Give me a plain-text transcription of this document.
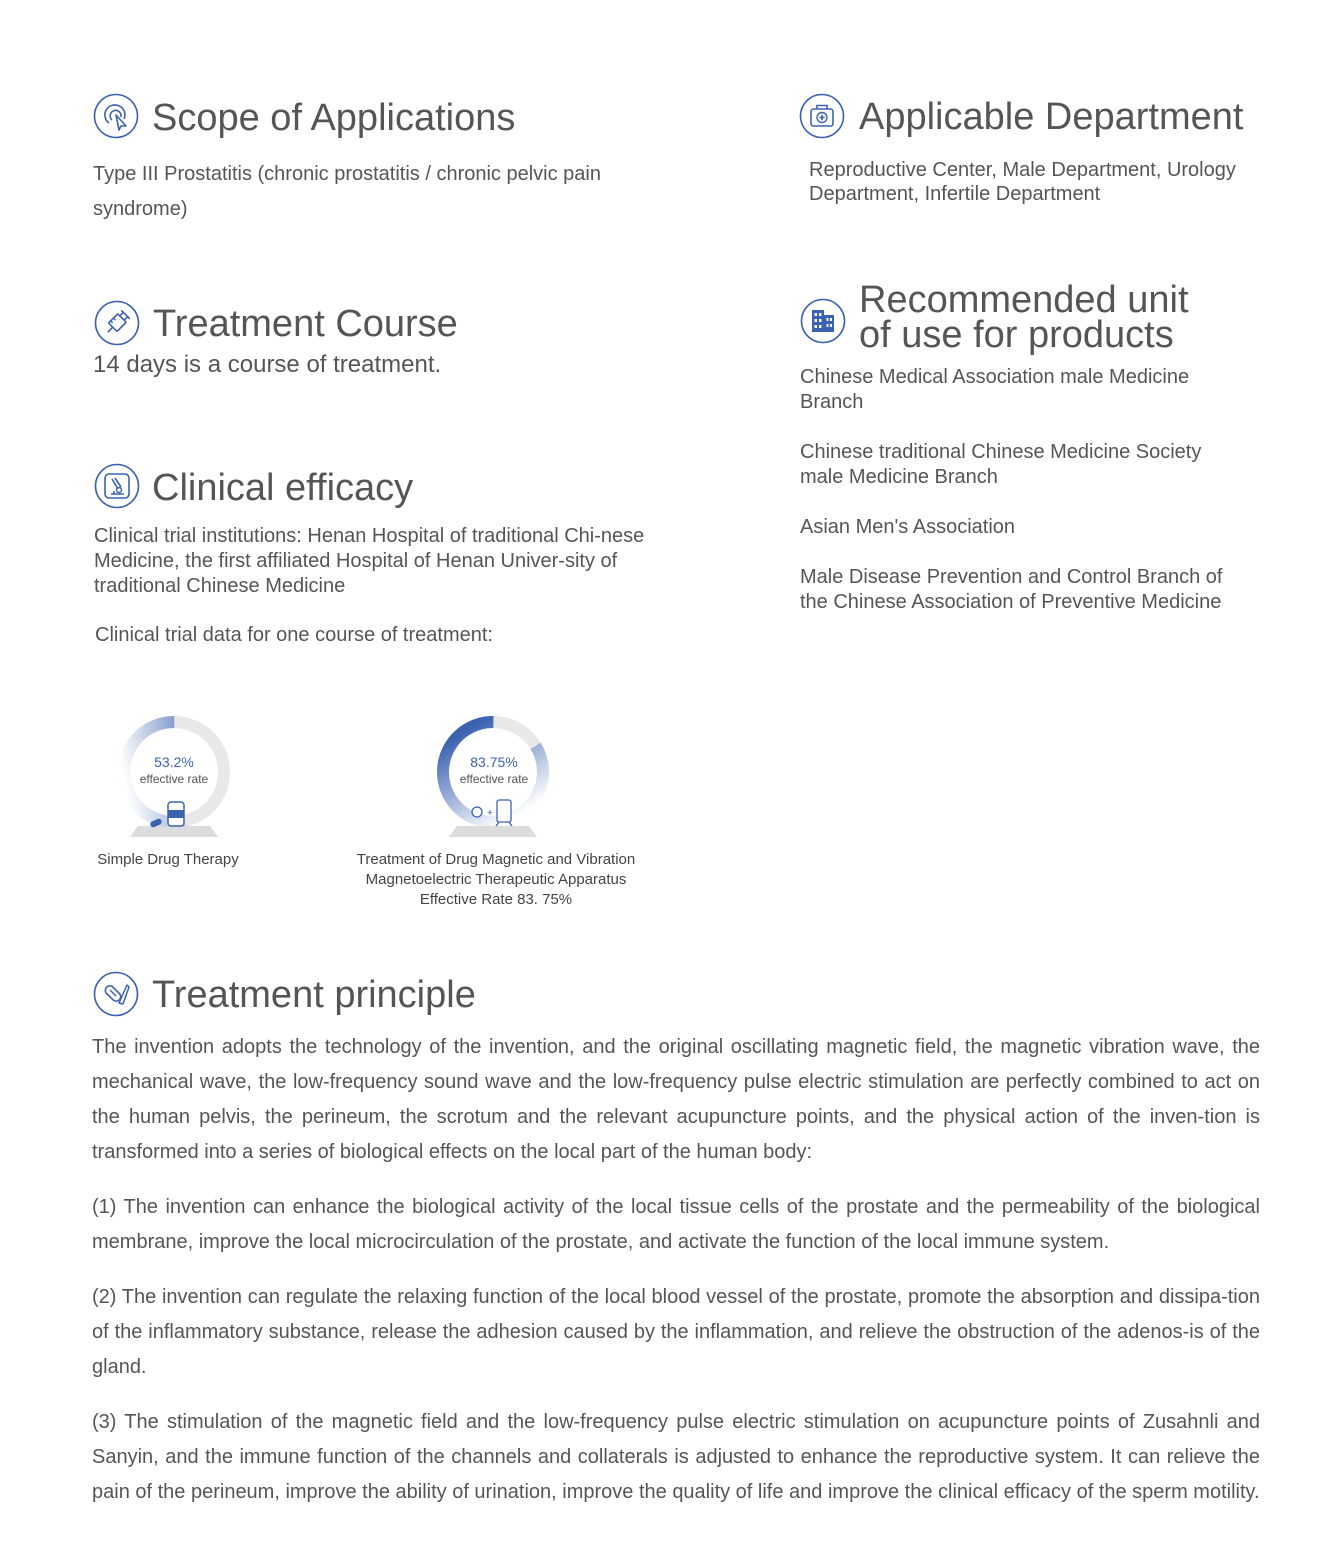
Scope of Applications
Type III Prostatitis (chronic prostatitis / chronic pelvic pain syndrome)
Applicable Department
Reproductive Center, Male Department, Urology Department, Infertile Department
Treatment Course
14 days is a course of treatment.
Recommended unit
of use for products
Chinese Medical Association male Medicine Branch
Chinese traditional Chinese Medicine Society male Medicine Branch
Asian Men's Association
Male Disease Prevention and Control Branch of the Chinese Association of Preventive Medicine
Clinical efficacy
Clinical trial institutions: Henan Hospital of traditional Chi-nese Medicine, the first affiliated Hospital of Henan Univer-sity of traditional Chinese Medicine
Clinical trial data for one course of treatment:
53.2%
effective rate
Simple Drug Therapy
+
83.75%
effective rate
Treatment of Drug Magnetic and Vibration
Magnetoelectric Therapeutic Apparatus
Effective Rate 83. 75%
Treatment principle

The invention adopts the technology of the invention, and the original oscillating magnetic field, the magnetic vibration wave, the mechanical wave, the low-frequency sound wave and the low-frequency pulse electric stimulation are perfectly combined to act on the human pelvis, the perineum, the scrotum and the relevant acupuncture points, and the physical action of the inven-tion is transformed into a series of biological effects on the local part of the human body:

(1) The invention can enhance the biological activity of the local tissue cells of the prostate and the permeability of the biological membrane, improve the local microcirculation of the prostate, and activate the function of the local immune system.

(2) The invention can regulate the relaxing function of the local blood vessel of the prostate, promote the absorption and dissipa-tion of the inflammatory substance, release the adhesion caused by the inflammation, and relieve the obstruction of the adenos-is of the gland.

(3) The stimulation of the magnetic field and the low-frequency pulse electric stimulation on acupuncture points of Zusahnli and Sanyin, and the immune function of the channels and collaterals is adjusted to enhance the reproductive system. It can relieve the pain of the perineum, improve the ability of urination, improve the quality of life and improve the clinical efficacy of the sperm motility.
